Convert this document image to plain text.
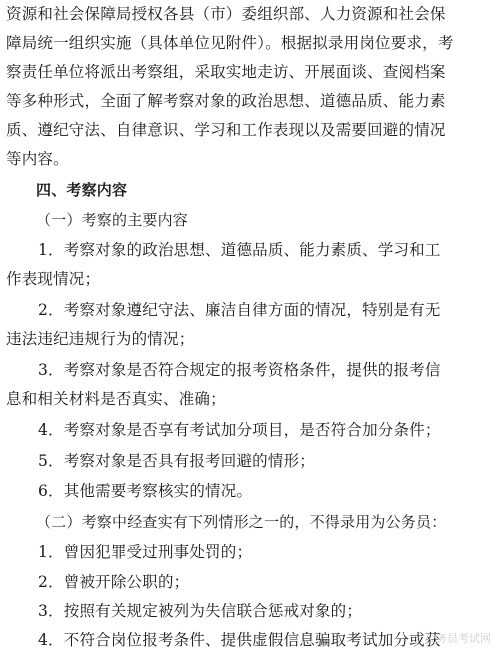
资源和社会保障局授权各县（市）委组织部、人力资源和社会保
障局统一组织实施（具体单位见附件）。根据拟录用岗位要求，考
察责任单位将派出考察组，采取实地走访、开展面谈、查阅档案
等多种形式，全面了解考察对象的政治思想、道德品质、能力素
质、遵纪守法、自律意识、学习和工作表现以及需要回避的情况
等内容。
四、考察内容
（一）考察的主要内容
1．考察对象的政治思想、道德品质、能力素质、学习和工
作表现情况；
2．考察对象遵纪守法、廉洁自律方面的情况，特别是有无
违法违纪违规行为的情况；
3．考察对象是否符合规定的报考资格条件，提供的报考信
息和相关材料是否真实、准确；
4．考察对象是否享有考试加分项目，是否符合加分条件；
5．考察对象是否具有报考回避的情形；
6．其他需要考察核实的情况。
（二）考察中经查实有下列情形之一的，不得录用为公务员：
1．曾因犯罪受过刑事处罚的；
2．曾被开除公职的；
3．按照有关规定被列为失信联合惩戒对象的；
4．不符合岗位报考条件、提供虚假信息骗取考试加分或获
公务员考试网
